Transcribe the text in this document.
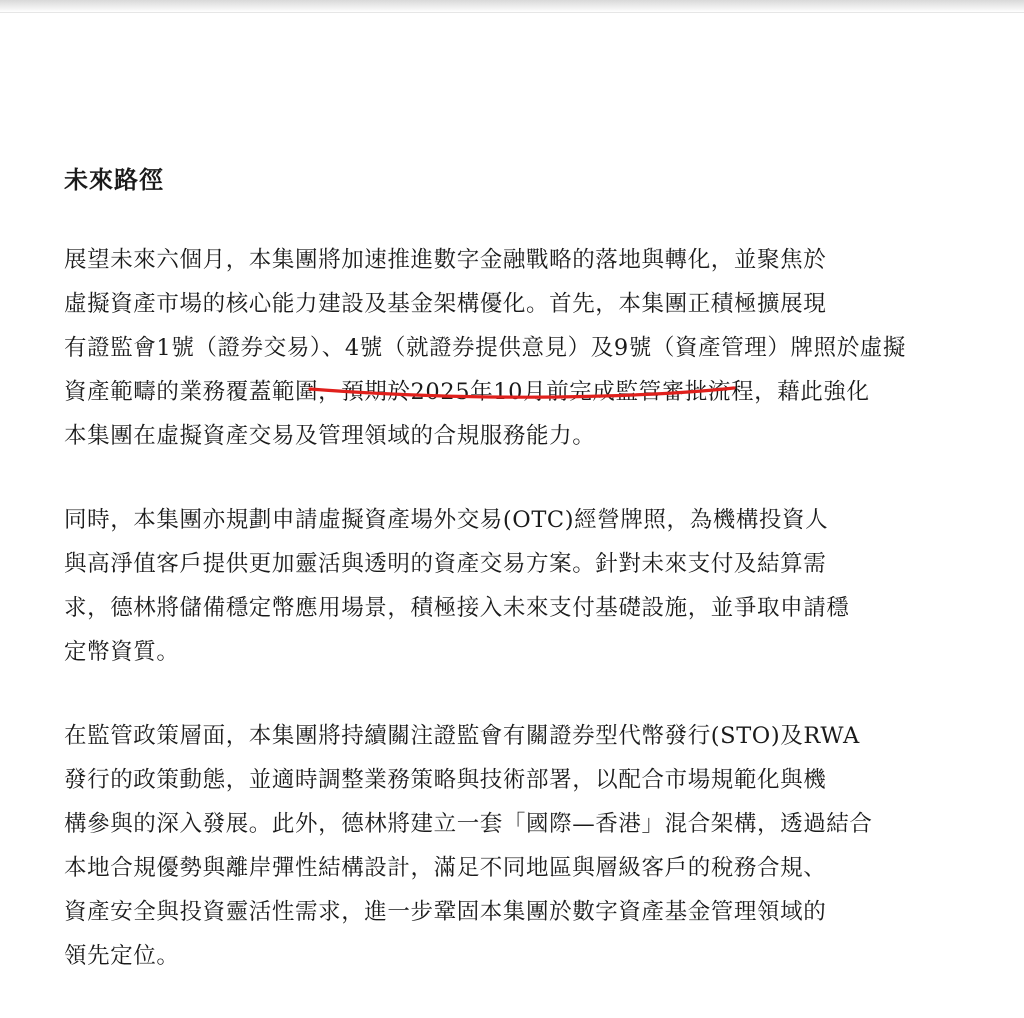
未來路徑
展望未來六個月，本集團將加速推進數字金融戰略的落地與轉化，並聚焦於
虛擬資產市場的核心能力建設及基金架構優化。首先，本集團正積極擴展現
有證監會1號（證券交易）、4號（就證券提供意見）及9號（資產管理）牌照於虛擬
資產範疇的業務覆蓋範圍，預期於2025年10月前完成監管審批流程，藉此強化
本集團在虛擬資產交易及管理領域的合規服務能力。
同時，本集團亦規劃申請虛擬資產場外交易(OTC)經營牌照，為機構投資人
與高淨值客戶提供更加靈活與透明的資產交易方案。針對未來支付及結算需
求，德林將儲備穩定幣應用場景，積極接入未來支付基礎設施，並爭取申請穩
定幣資質。
在監管政策層面，本集團將持續關注證監會有關證券型代幣發行(STO)及RWA
發行的政策動態，並適時調整業務策略與技術部署，以配合市場規範化與機
構參與的深入發展。此外，德林將建立一套「國際—香港」混合架構，透過結合
本地合規優勢與離岸彈性結構設計，滿足不同地區與層級客戶的稅務合規、
資產安全與投資靈活性需求，進一步鞏固本集團於數字資產基金管理領域的
領先定位。
